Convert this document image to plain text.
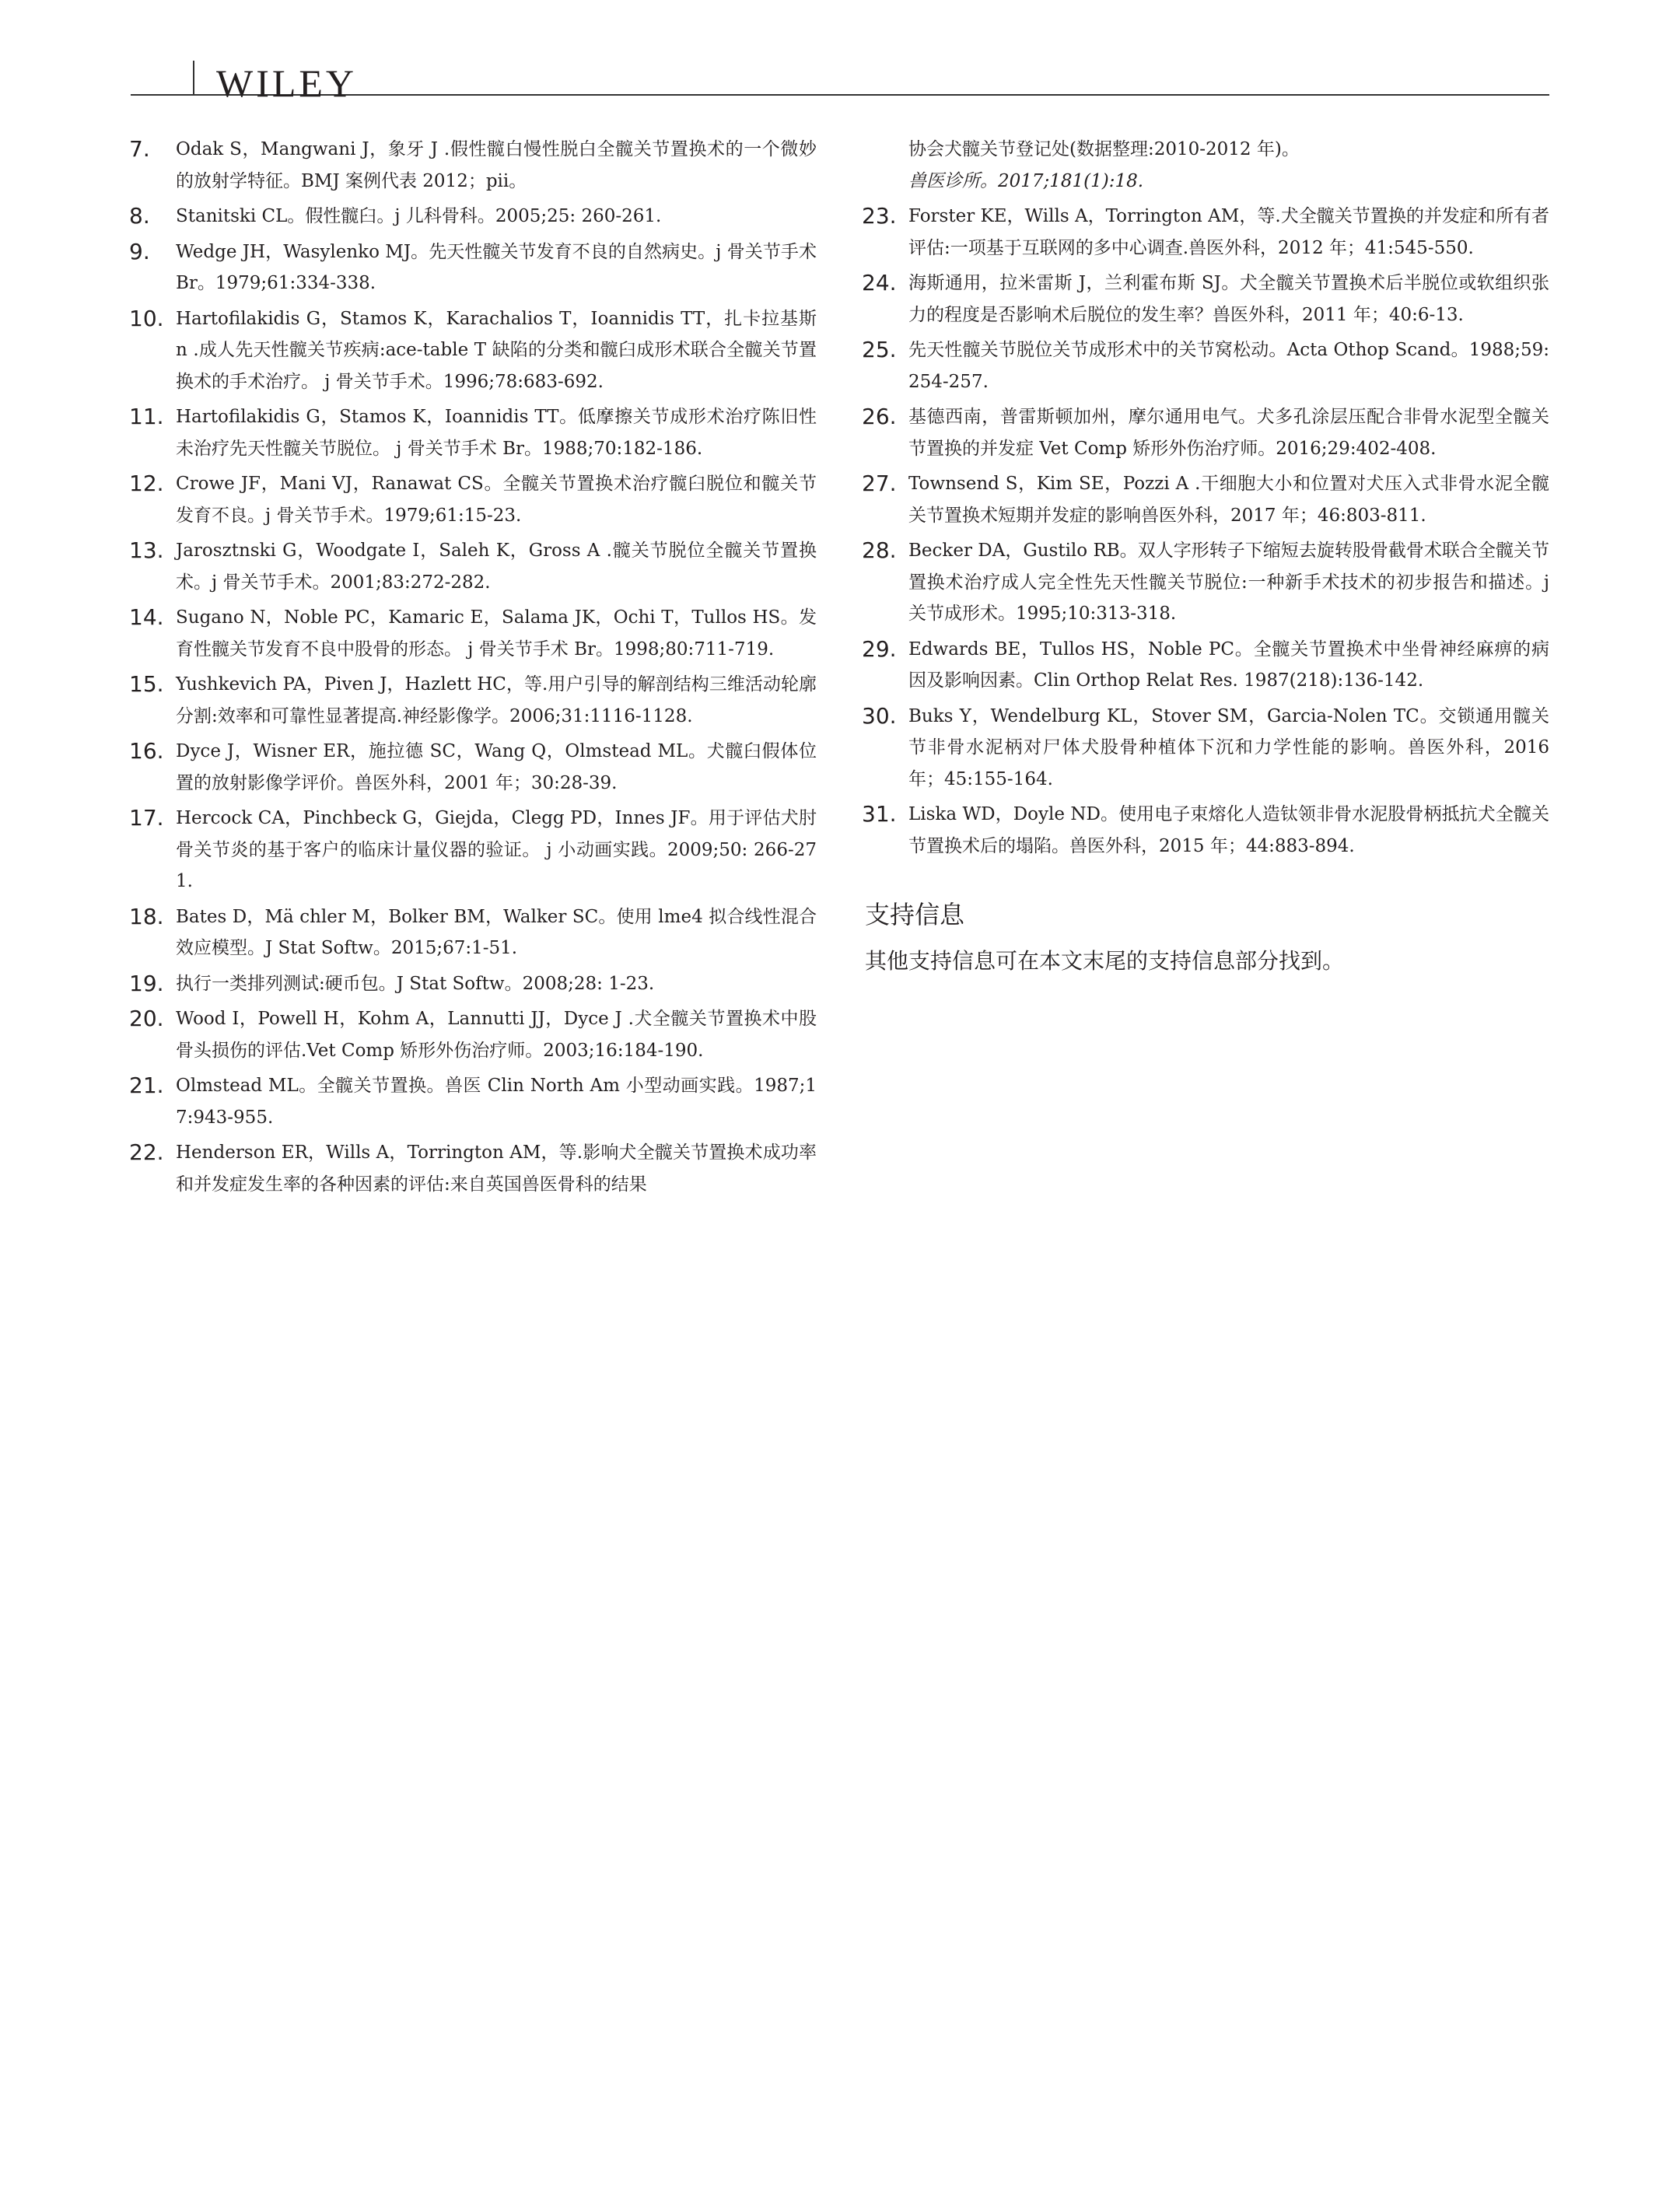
WILEY
7.	Odak S，Mangwani J，象牙 J .假性髋白慢性脱白全髋关节置换术的一个微妙的放射学特征。BMJ 案例代表 2012；pii。
8.	Stanitski CL。假性髋臼。j 儿科骨科。2005;25: 260-261.
9.	Wedge JH，Wasylenko MJ。先天性髋关节发育不良的自然病史。j 骨关节手术 Br。1979;61:334-338.
10. Hartofilakidis G，Stamos K，Karachalios T，Ioannidis TT，扎卡拉基斯 n .成人先天性髋关节疾病:ace-table T 缺陷的分类和髋臼成形术联合全髋关节置换术的手术治疗。 j 骨关节手术。1996;78:683-692.
11. Hartofilakidis G，Stamos K，Ioannidis TT。低摩擦关节成形术治疗陈旧性未治疗先天性髋关节脱位。 j 骨关节手术 Br。1988;70:182-186.
12. Crowe JF，Mani VJ，Ranawat CS。全髋关节置换术治疗髋臼脱位和髋关节发育不良。j 骨关节手术。1979;61:15-23.
13. Jarosztnski G，Woodgate I，Saleh K，Gross A .髋关节脱位全髋关节置换术。j 骨关节手术。2001;83:272-282.
14. Sugano N，Noble PC，Kamaric E，Salama JK，Ochi T，Tullos HS。发育性髋关节发育不良中股骨的形态。 j 骨关节手术 Br。1998;80:711-719.
15. Yushkevich PA，Piven J，Hazlett HC，等.用户引导的解剖结构三维活动轮廓分割:效率和可靠性显著提高.神经影像学。2006;31:1116-1128.
16. Dyce J，Wisner ER，施拉德 SC，Wang Q，Olmstead ML。犬髋臼假体位置的放射影像学评价。兽医外科，2001 年；30:28-39.
17. Hercock CA，Pinchbeck G，Giejda，Clegg PD，Innes JF。用于评估犬肘骨关节炎的基于客户的临床计量仪器的验证。 j 小动画实践。2009;50: 266-271.
18. Bates D，Mä chler M，Bolker BM，Walker SC。使用 lme4 拟合线性混合效应模型。J Stat Softw。2015;67:1-51.
19. 执行一类排列测试:硬币包。J Stat Softw。2008;28: 1-23.
20. Wood I，Powell H，Kohm A，Lannutti JJ，Dyce J .犬全髋关节置换术中股骨头损伤的评估.Vet Comp 矫形外伤治疗师。2003;16:184-190.
21. Olmstead ML。全髋关节置换。兽医 Clin North Am 小型动画实践。1987;17:943-955.
22. Henderson ER，Wills A，Torrington AM，等.影响犬全髋关节置换术成功率和并发症发生率的各种因素的评估:来自英国兽医骨科的结果
协会犬髋关节登记处(数据整理:2010-2012 年)。
兽医诊所。2017;181(1):18.
23. Forster KE，Wills A，Torrington AM，等.犬全髋关节置换的并发症和所有者评估:一项基于互联网的多中心调查.兽医外科，2012 年；41:545-550.
24. 海斯通用，拉米雷斯 J，兰利霍布斯 SJ。犬全髋关节置换术后半脱位或软组织张力的程度是否影响术后脱位的发生率？兽医外科，2011 年；40:6-13.
25. 先天性髋关节脱位关节成形术中的关节窝松动。Acta Othop Scand。1988;59:254-257.
26. 基德西南，普雷斯顿加州，摩尔通用电气。犬多孔涂层压配合非骨水泥型全髋关节置换的并发症 Vet Comp 矫形外伤治疗师。2016;29:402-408.
27. Townsend S，Kim SE，Pozzi A .干细胞大小和位置对犬压入式非骨水泥全髋关节置换术短期并发症的影响兽医外科，2017 年；46:803-811.
28. Becker DA，Gustilo RB。双人字形转子下缩短去旋转股骨截骨术联合全髋关节置换术治疗成人完全性先天性髋关节脱位:一种新手术技术的初步报告和描述。j 关节成形术。1995;10:313-318.
29. Edwards BE，Tullos HS，Noble PC。全髋关节置换术中坐骨神经麻痹的病因及影响因素。Clin Orthop Relat Res. 1987(218):136-142.
30. Buks Y，Wendelburg KL，Stover SM，Garcia-Nolen TC。交锁通用髋关节非骨水泥柄对尸体犬股骨种植体下沉和力学性能的影响。兽医外科，2016 年；45:155-164.
31. Liska WD，Doyle ND。使用电子束熔化人造钛领非骨水泥股骨柄抵抗犬全髋关节置换术后的塌陷。兽医外科，2015 年；44:883-894.
支持信息
其他支持信息可在本文末尾的支持信息部分找到。
